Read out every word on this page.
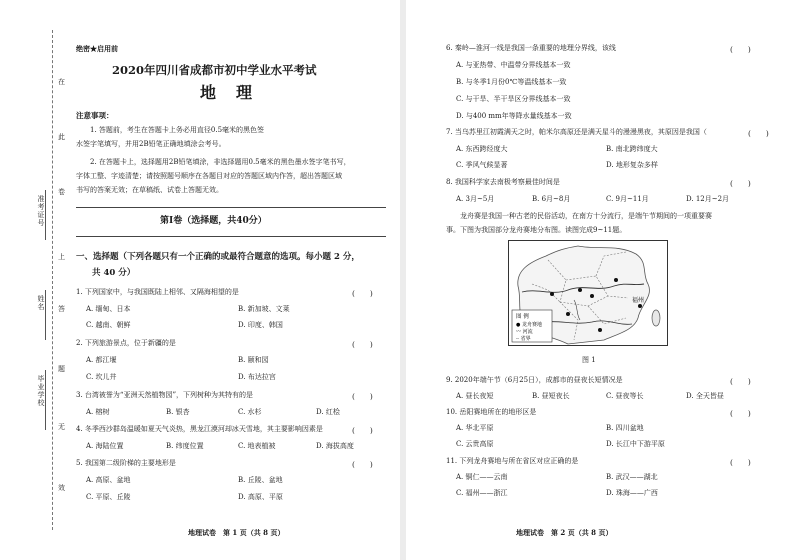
在
此
卷
上
答
题
无
效
准考证号
姓名
毕业学校
绝密★启用前
2020年四川省成都市初中学业水平考试
地　理
注意事项：
1. 答题前，考生在答题卡上务必用直径0.5毫米的黑色签
水签字笔填写，并用2B铅笔正确地填涂会考号。
2. 在答题卡上，选择题用2B铅笔填涂，非选择题用0.5毫米的黑色墨水签字笔书写，
字体工整、字迹清楚；请按照题号顺序在各题目对应的答题区域内作答，超出答题区域
书写的答案无效；在草稿纸、试卷上答题无效。
第Ⅰ卷（选择题，共40分）
一、选择题（下列各题只有一个正确的或最符合题意的选项。每小题 2 分，
共 40 分）
1. 下列国家中，与我国既陆上相邻、又隔海相望的是	(　　)
A. 缅甸、日本	B. 新加坡、文莱
C. 越南、朝鲜	D. 印度、韩国
2. 下列旅游景点，位于新疆的是	(　　)
A. 都江堰	B. 颐和园
C. 坎儿井	D. 布达拉宫
3. 台湾被誉为“亚洲天然植物园”，下列树种为其特有的是	(　　)
A. 榕树	B. 银杏	C. 水杉	D. 红桧
4. 冬季西沙群岛温暖如夏天气炎热，黑龙江漠河却冰天雪地，其主要影响因素是	(　　)
A. 海陆位置	B. 纬度位置	C. 地表植被	D. 海拔高度
5. 我国第二级阶梯的主要地形是	(　　)
A. 高原、盆地	B. 丘陵、盆地
C. 平原、丘陵	D. 高原、平原
地理试卷　第 1 页（共 8 页）
6. 秦岭—淮河一线是我国一条重要的地理分界线，该线	(　　)
A. 与亚热带、中温带分界线基本一致
B. 与冬季1月份0℃等温线基本一致
C. 与干旱、半干旱区分界线基本一致
D. 与400 mm年等降水量线基本一致
7. 当乌苏里江初霞满天之时，帕米尔高原还是满天星斗的漫漫黑夜，其原因是我国（	(　　)
A. 东西跨经度大	B. 南北跨纬度大
C. 季风气候显著	D. 地形复杂多样
8. 我国科学家去南极考察最佳时间是	(　　)
A. 3月~5月	B. 6月~8月	C. 9月~11月	D. 12月~2月
龙舟赛是我国一种古老的民俗活动，在南方十分流行，是端午节期间的一项重要赛
事。下图为我国部分龙舟赛地分布图。读图完成9~11题。
福州
图 例
● 龙舟赛地
〰 河流
┄ 省界
图 1
9. 2020年端午节（6月25日），成都市的昼夜长短情况是	(　　)
A. 昼长夜短	B. 昼短夜长	C. 昼夜等长	D. 全天皆昼
10. 岳阳赛地所在的地形区是	(　　)
A. 华北平原	B. 四川盆地
C. 云贵高原	D. 长江中下游平原
11. 下列龙舟赛地与所在省区对应正确的是	(　　)
A. 铜仁——云南	B. 武汉——湖北
C. 福州——浙江	D. 珠海——广西
地理试卷　第 2 页（共 8 页）
